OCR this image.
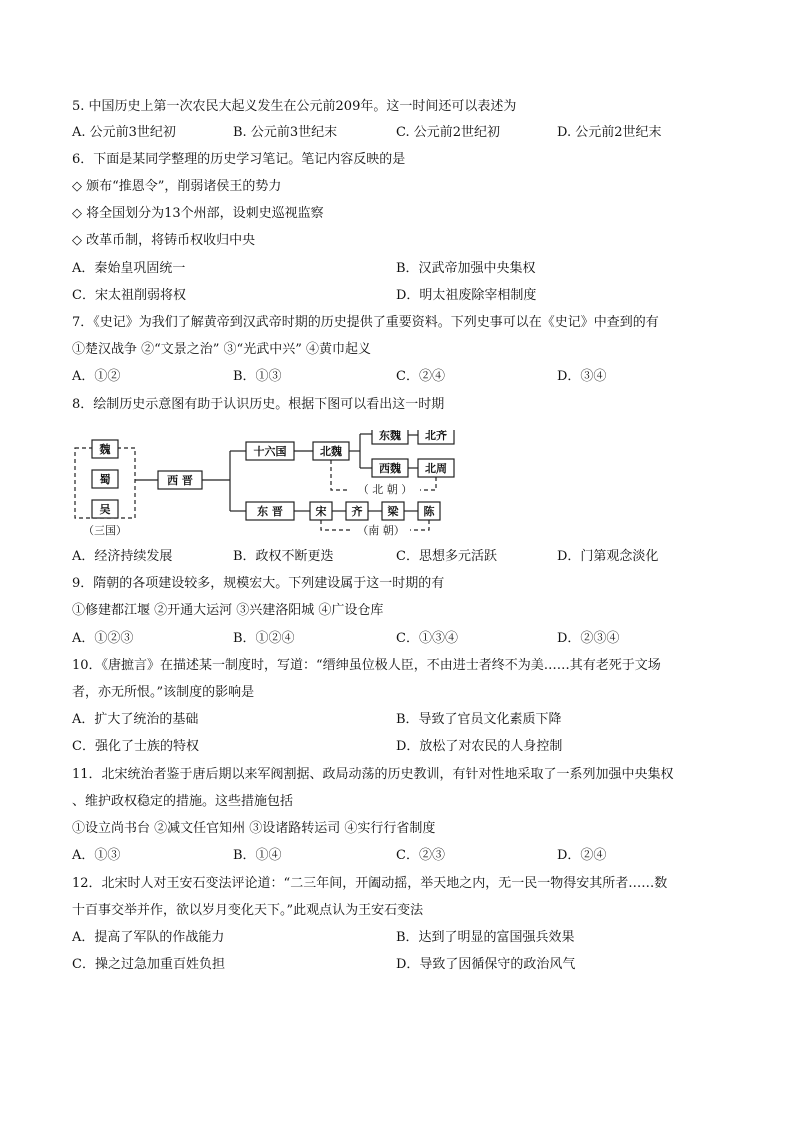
5. 中国历史上第一次农民大起义发生在公元前209年。这一时间还可以表述为
A. 公元前3世纪初	B. 公元前3世纪末	C. 公元前2世纪初	D. 公元前2世纪末
6．下面是某同学整理的历史学习笔记。笔记内容反映的是
◇ 颁布“推恩令”，削弱诸侯王的势力
◇ 将全国划分为13个州部，设刺史巡视监察
◇ 改革币制，将铸币权收归中央
A．秦始皇巩固统一	B．汉武帝加强中央集权
C．宋太祖削弱将权	D．明太祖废除宰相制度
7．《史记》为我们了解黄帝到汉武帝时期的历史提供了重要资料。下列史事可以在《史记》中查到的有
①楚汉战争 ②“文景之治” ③“光武中兴” ④黄巾起义
A．①②	B．①③	C．②④	D．③④
8．绘制历史示意图有助于认识历史。根据下图可以看出这一时期
魏
蜀
吴
（三国）
西 晋
十六国	北魏
东魏 北齐
西魏 北周
（ 北 朝 ）
东 晋	宋 齐 梁 陈
（南 朝）
A．经济持续发展	B．政权不断更迭	C．思想多元活跃	D．门第观念淡化
9．隋朝的各项建设较多，规模宏大。下列建设属于这一时期的有
①修建都江堰 ②开通大运河 ③兴建洛阳城 ④广设仓库
A．①②③	B．①②④	C．①③④	D．②③④
10．《唐摭言》在描述某一制度时，写道：“缙绅虽位极人臣，不由进士者终不为美……其有老死于文场
者，亦无所恨。”该制度的影响是
A．扩大了统治的基础	B．导致了官员文化素质下降
C．强化了士族的特权	D．放松了对农民的人身控制
11．北宋统治者鉴于唐后期以来军阀割据、政局动荡的历史教训，有针对性地采取了一系列加强中央集权
、维护政权稳定的措施。这些措施包括
①设立尚书台 ②减文任官知州 ③设诸路转运司 ④实行行省制度
A．①③	B．①④	C．②③	D．②④
12．北宋时人对王安石变法评论道：“二三年间，开阖动摇，举天地之内，无一民一物得安其所者……数
十百事交举并作，欲以岁月变化天下。”此观点认为王安石变法
A．提高了军队的作战能力	B．达到了明显的富国强兵效果
C．操之过急加重百姓负担	D．导致了因循保守的政治风气
